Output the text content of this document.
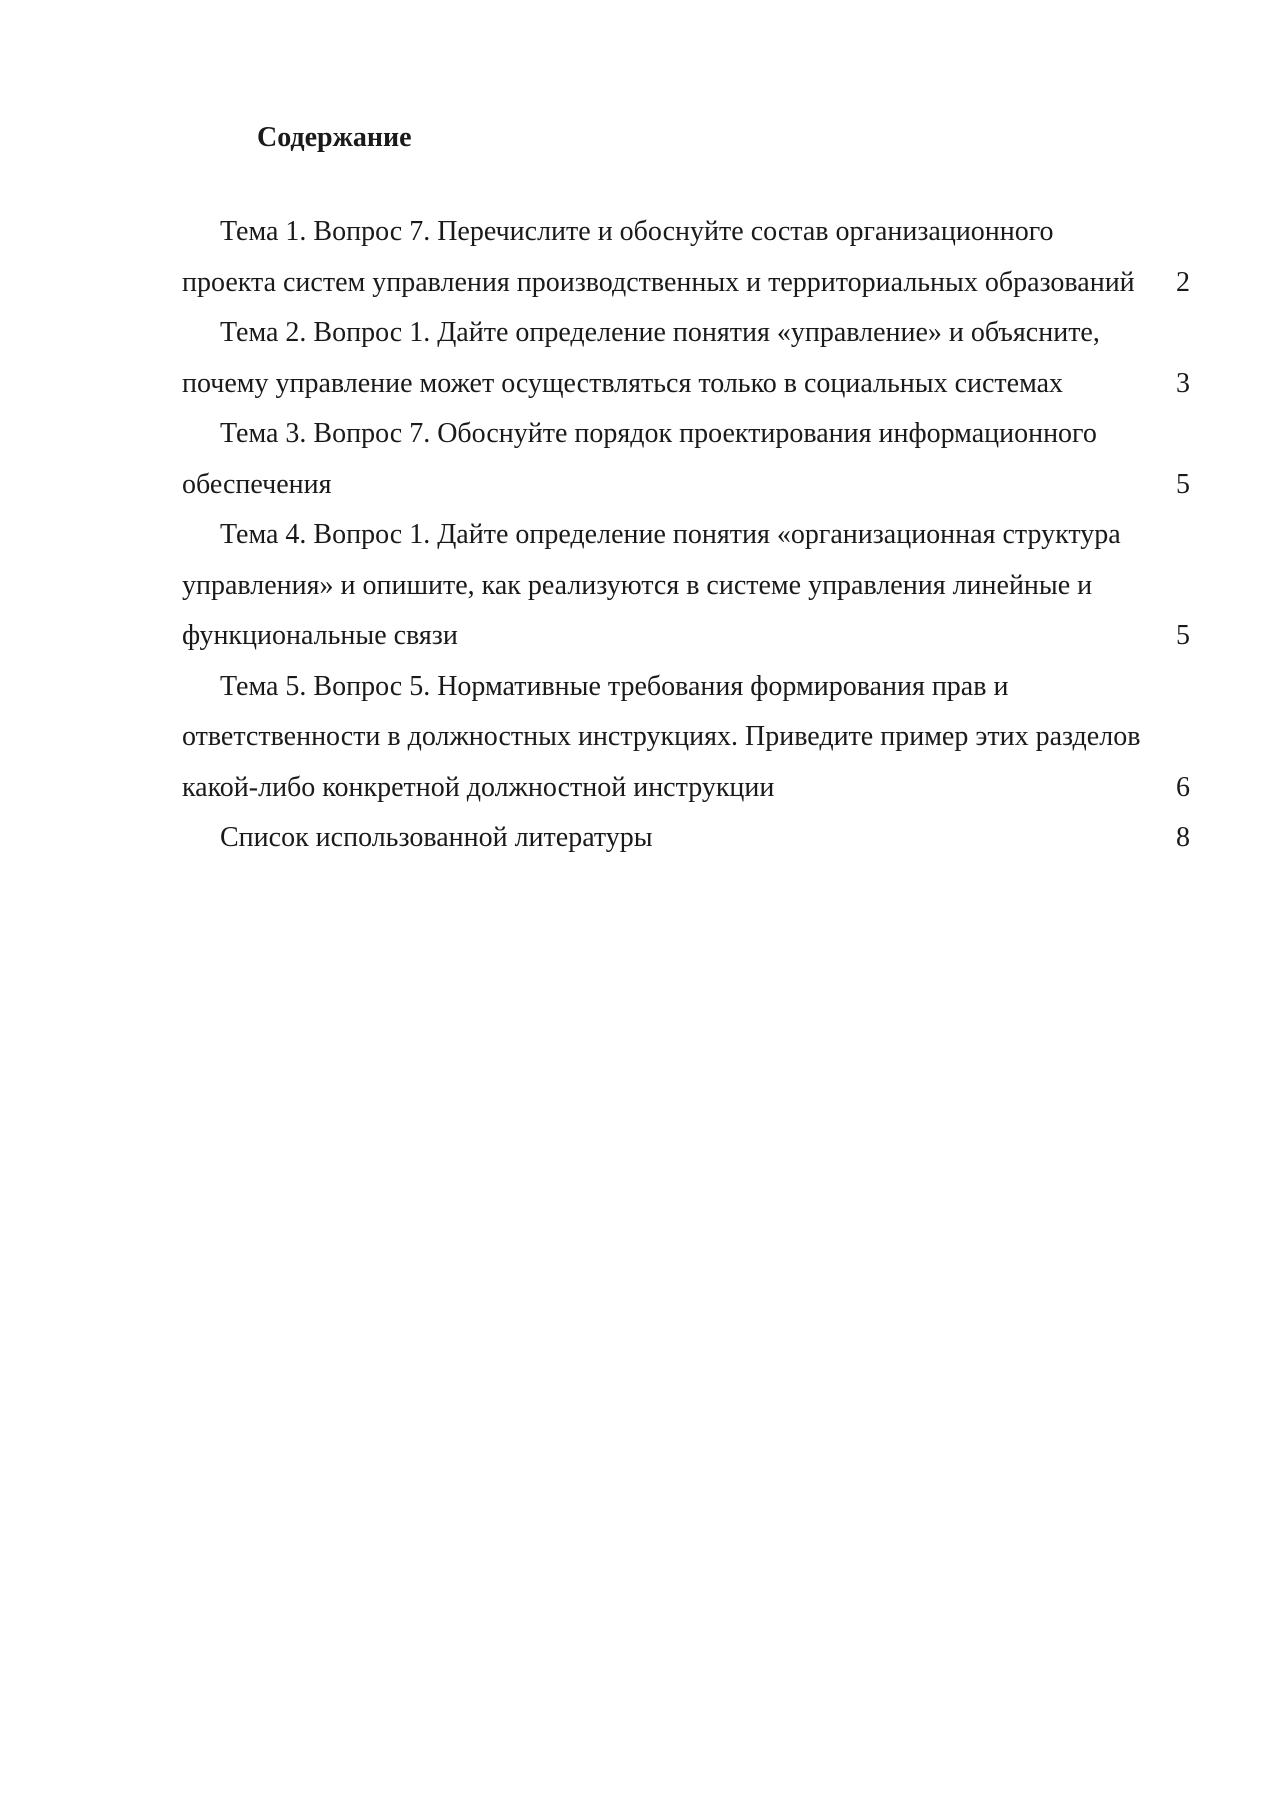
Содержание
Тема 1. Вопрос 7. Перечислите и обоснуйте состав организационного проекта систем управления производственных и территориальных образований 2
Тема 2. Вопрос 1. Дайте определение понятия «управление» и объясните, почему управление может осуществляться только в социальных системах	3
Тема 3. Вопрос 7. Обоснуйте порядок проектирования информационного обеспечения	5
Тема 4. Вопрос 1. Дайте определение понятия «организационная структура управления» и опишите, как реализуются в системе управления линейные и функциональные связи	5
Тема 5. Вопрос 5. Нормативные требования формирования прав и ответственности в должностных инструкциях. Приведите пример этих разделов какой-либо конкретной должностной инструкции	6
Список использованной литературы	8
